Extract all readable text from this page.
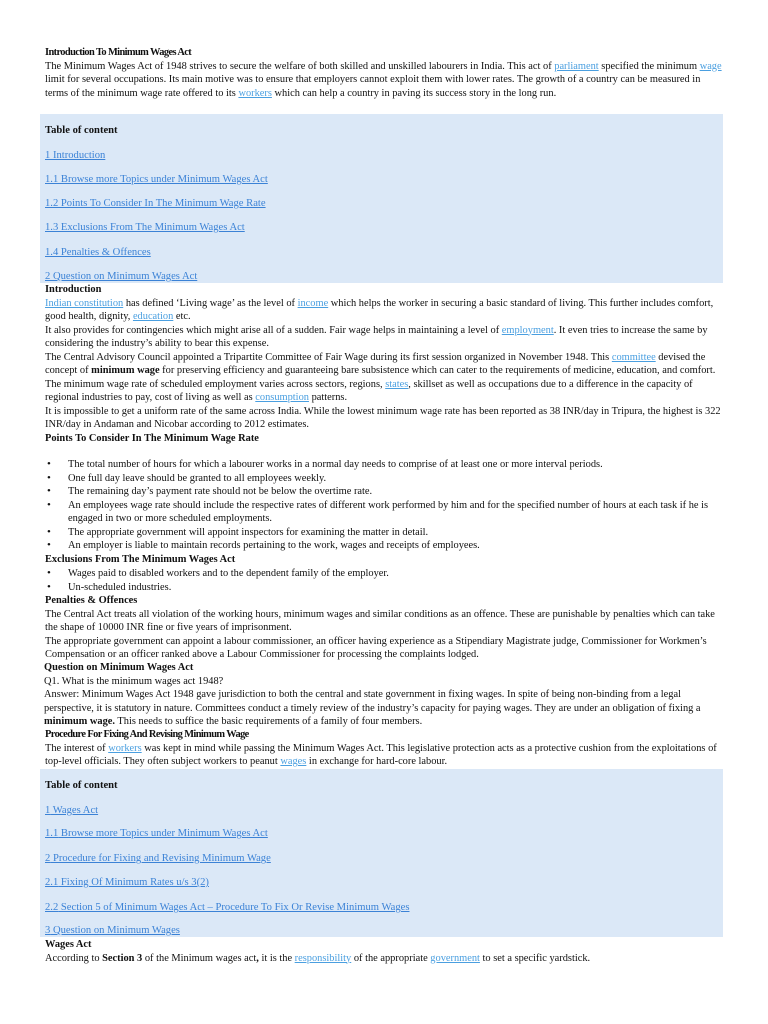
Introduction To Minimum Wages Act

The Minimum Wages Act of 1948 strives to secure the welfare of both skilled and unskilled labourers in India. This act of parliament specified the minimum wage limit for several occupations. Its main motive was to ensure that employers cannot exploit them with lower rates. The growth of a country can be measured in terms of the minimum wage rate offered to its workers which can help a country in paving its success story in the long run.

Table of content
1 Introduction
1.1 Browse more Topics under Minimum Wages Act
1.2 Points To Consider In The Minimum Wage Rate
1.3 Exclusions From The Minimum Wages Act
1.4 Penalties & Offences
2 Question on Minimum Wages Act
Introduction

Indian constitution has defined ‘Living wage’ as the level of income which helps the worker in securing a basic standard of living. This further includes comfort, good health, dignity, education etc.

It also provides for contingencies which might arise all of a sudden. Fair wage helps in maintaining a level of employment. It even tries to increase the same by considering the industry’s ability to bear this expense.

The Central Advisory Council appointed a Tripartite Committee of Fair Wage during its first session organized in November 1948. This committee devised the concept of minimum wage for preserving efficiency and guaranteeing bare subsistence which can cater to the requirements of medicine, education, and comfort.

The minimum wage rate of scheduled employment varies across sectors, regions, states, skillset as well as occupations due to a difference in the capacity of regional industries to pay, cost of living as well as consumption patterns.

It is impossible to get a uniform rate of the same across India. While the lowest minimum wage rate has been reported as 38 INR/day in Tripura, the highest is 322 INR/day in Andaman and Nicobar according to 2012 estimates.

Points To Consider In The Minimum Wage Rate
• The total number of hours for which a labourer works in a normal day needs to comprise of at least one or more interval periods.
• One full day leave should be granted to all employees weekly.
• The remaining day’s payment rate should not be below the overtime rate.
• An employees wage rate should include the respective rates of different work performed by him and for the specified number of hours at each task if he is engaged in two or more scheduled employments.
• The appropriate government will appoint inspectors for examining the matter in detail.
• An employer is liable to maintain records pertaining to the work, wages and receipts of employees.
Exclusions From The Minimum Wages Act
• Wages paid to disabled workers and to the dependent family of the employer.
• Un-scheduled industries.
Penalties & Offences

The Central Act treats all violation of the working hours, minimum wages and similar conditions as an offence. These are punishable by penalties which can take the shape of 10000 INR fine or five years of imprisonment.

The appropriate government can appoint a labour commissioner, an officer having experience as a Stipendiary Magistrate judge, Commissioner for Workmen’s Compensation or an officer ranked above a Labour Commissioner for processing the complaints lodged.

Question on Minimum Wages Act

Q1. What is the minimum wages act 1948?

Answer: Minimum Wages Act 1948 gave jurisdiction to both the central and state government in fixing wages. In spite of being non-binding from a legal perspective, it is statutory in nature. Committees conduct a timely review of the industry’s capacity for paying wages. They are under an obligation of fixing a minimum wage. This needs to suffice the basic requirements of a family of four members.

Procedure For Fixing And Revising Minimum Wage

The interest of workers was kept in mind while passing the Minimum Wages Act. This legislative protection acts as a protective cushion from the exploitations of top-level officials. They often subject workers to peanut wages in exchange for hard-core labour.

Table of content
1 Wages Act
1.1 Browse more Topics under Minimum Wages Act
2 Procedure for Fixing and Revising Minimum Wage
2.1 Fixing Of Minimum Rates u/s 3(2)
2.2 Section 5 of Minimum Wages Act – Procedure To Fix Or Revise Minimum Wages
3 Question on Minimum Wages
Wages Act

According to Section 3 of the Minimum wages act, it is the responsibility of the appropriate government to set a specific yardstick.
